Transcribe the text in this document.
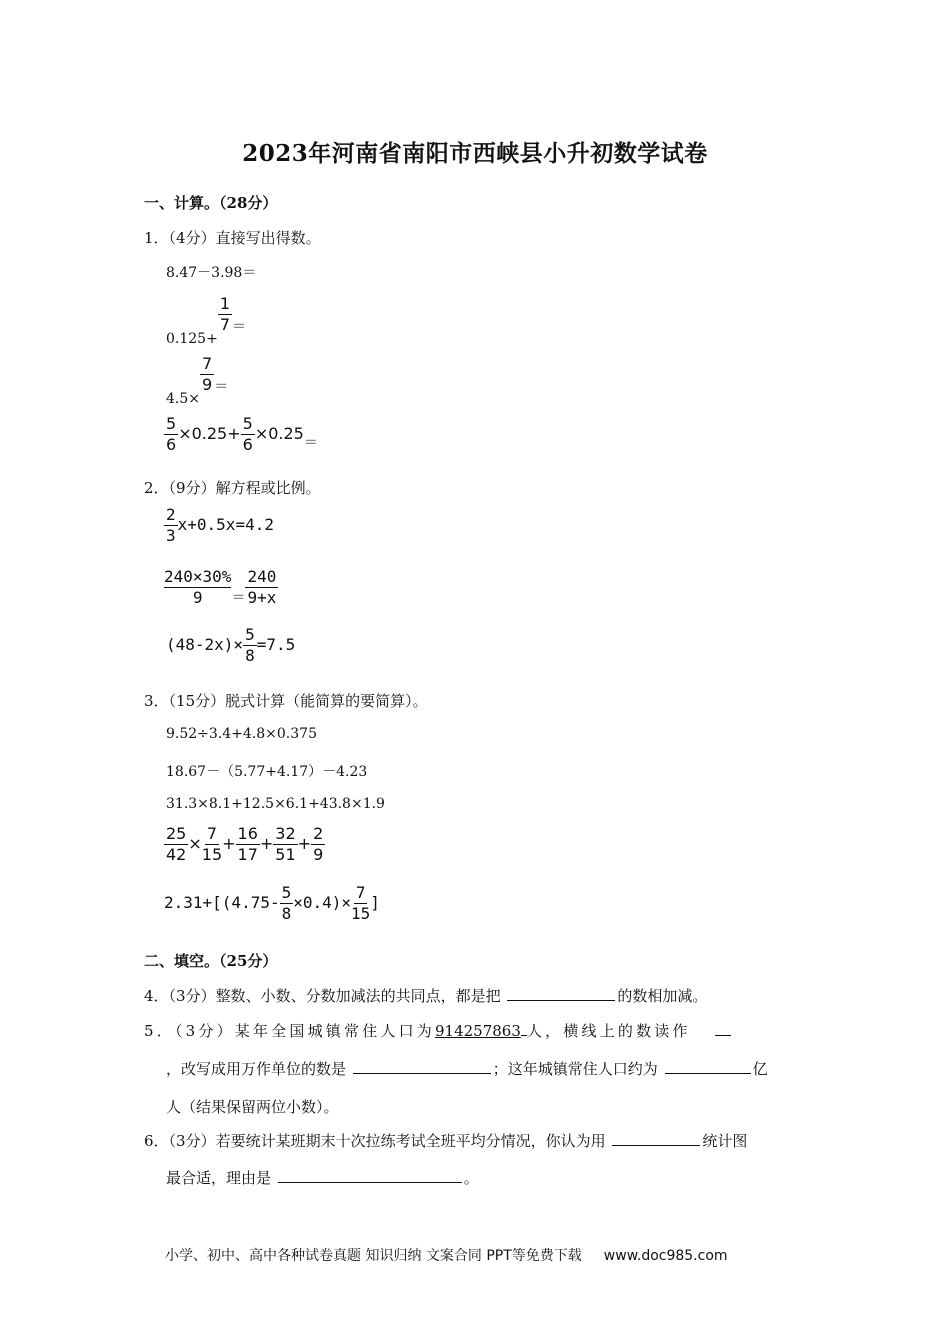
2023年河南省南阳市西峡县小升初数学试卷
一、计算。（28分）
1．（4分）直接写出得数。
8.47－3.98＝
0.125+
$\frac{1}{7}$ ＝
4.5×
$\frac{7}{9}$ ＝
$\frac{5}{6} \times 0.25+ \frac{5}{6} \times 0.25=$
2．（9分）解方程或比例。
$\frac{2}{3} x+0.5x=4.2$
$\frac{240\times 30\%}{9} = \frac{240}{9+x}$
$(48-2x)\times \frac{5}{8} =7.5$
3．（15分）脱式计算（能简算的要简算）。
9.52÷3.4+4.8×0.375
18.67－（5.77+4.17）－4.23
31.3×8.1+12.5×6.1+43.8×1.9
$\frac{25}{42} \times \frac{7}{15} + \frac{16}{17} + \frac{32}{51} + \frac{2}{9}$
$2.31+[(4.75- \frac{5}{8} \times 0.4)\times \frac{7}{15}$ ]
二、填空。（25分）
4．（3分）整数、小数、分数加减法的共同点，都是把	的数相加减。
5．（3分）某年全国城镇常住人口为914257863 人，横线上的数读作
，改写成用万作单位的数是	；这年城镇常住人口约为	亿
人（结果保留两位小数）。
6．（3分）若要统计某班期末十次拉练考试全班平均分情况，你认为用	统计图
最合适，理由是	。
小学、初中、高中各种试卷真题 知识归纳 文案合同 PPT等免费下载 www.doc985.com
